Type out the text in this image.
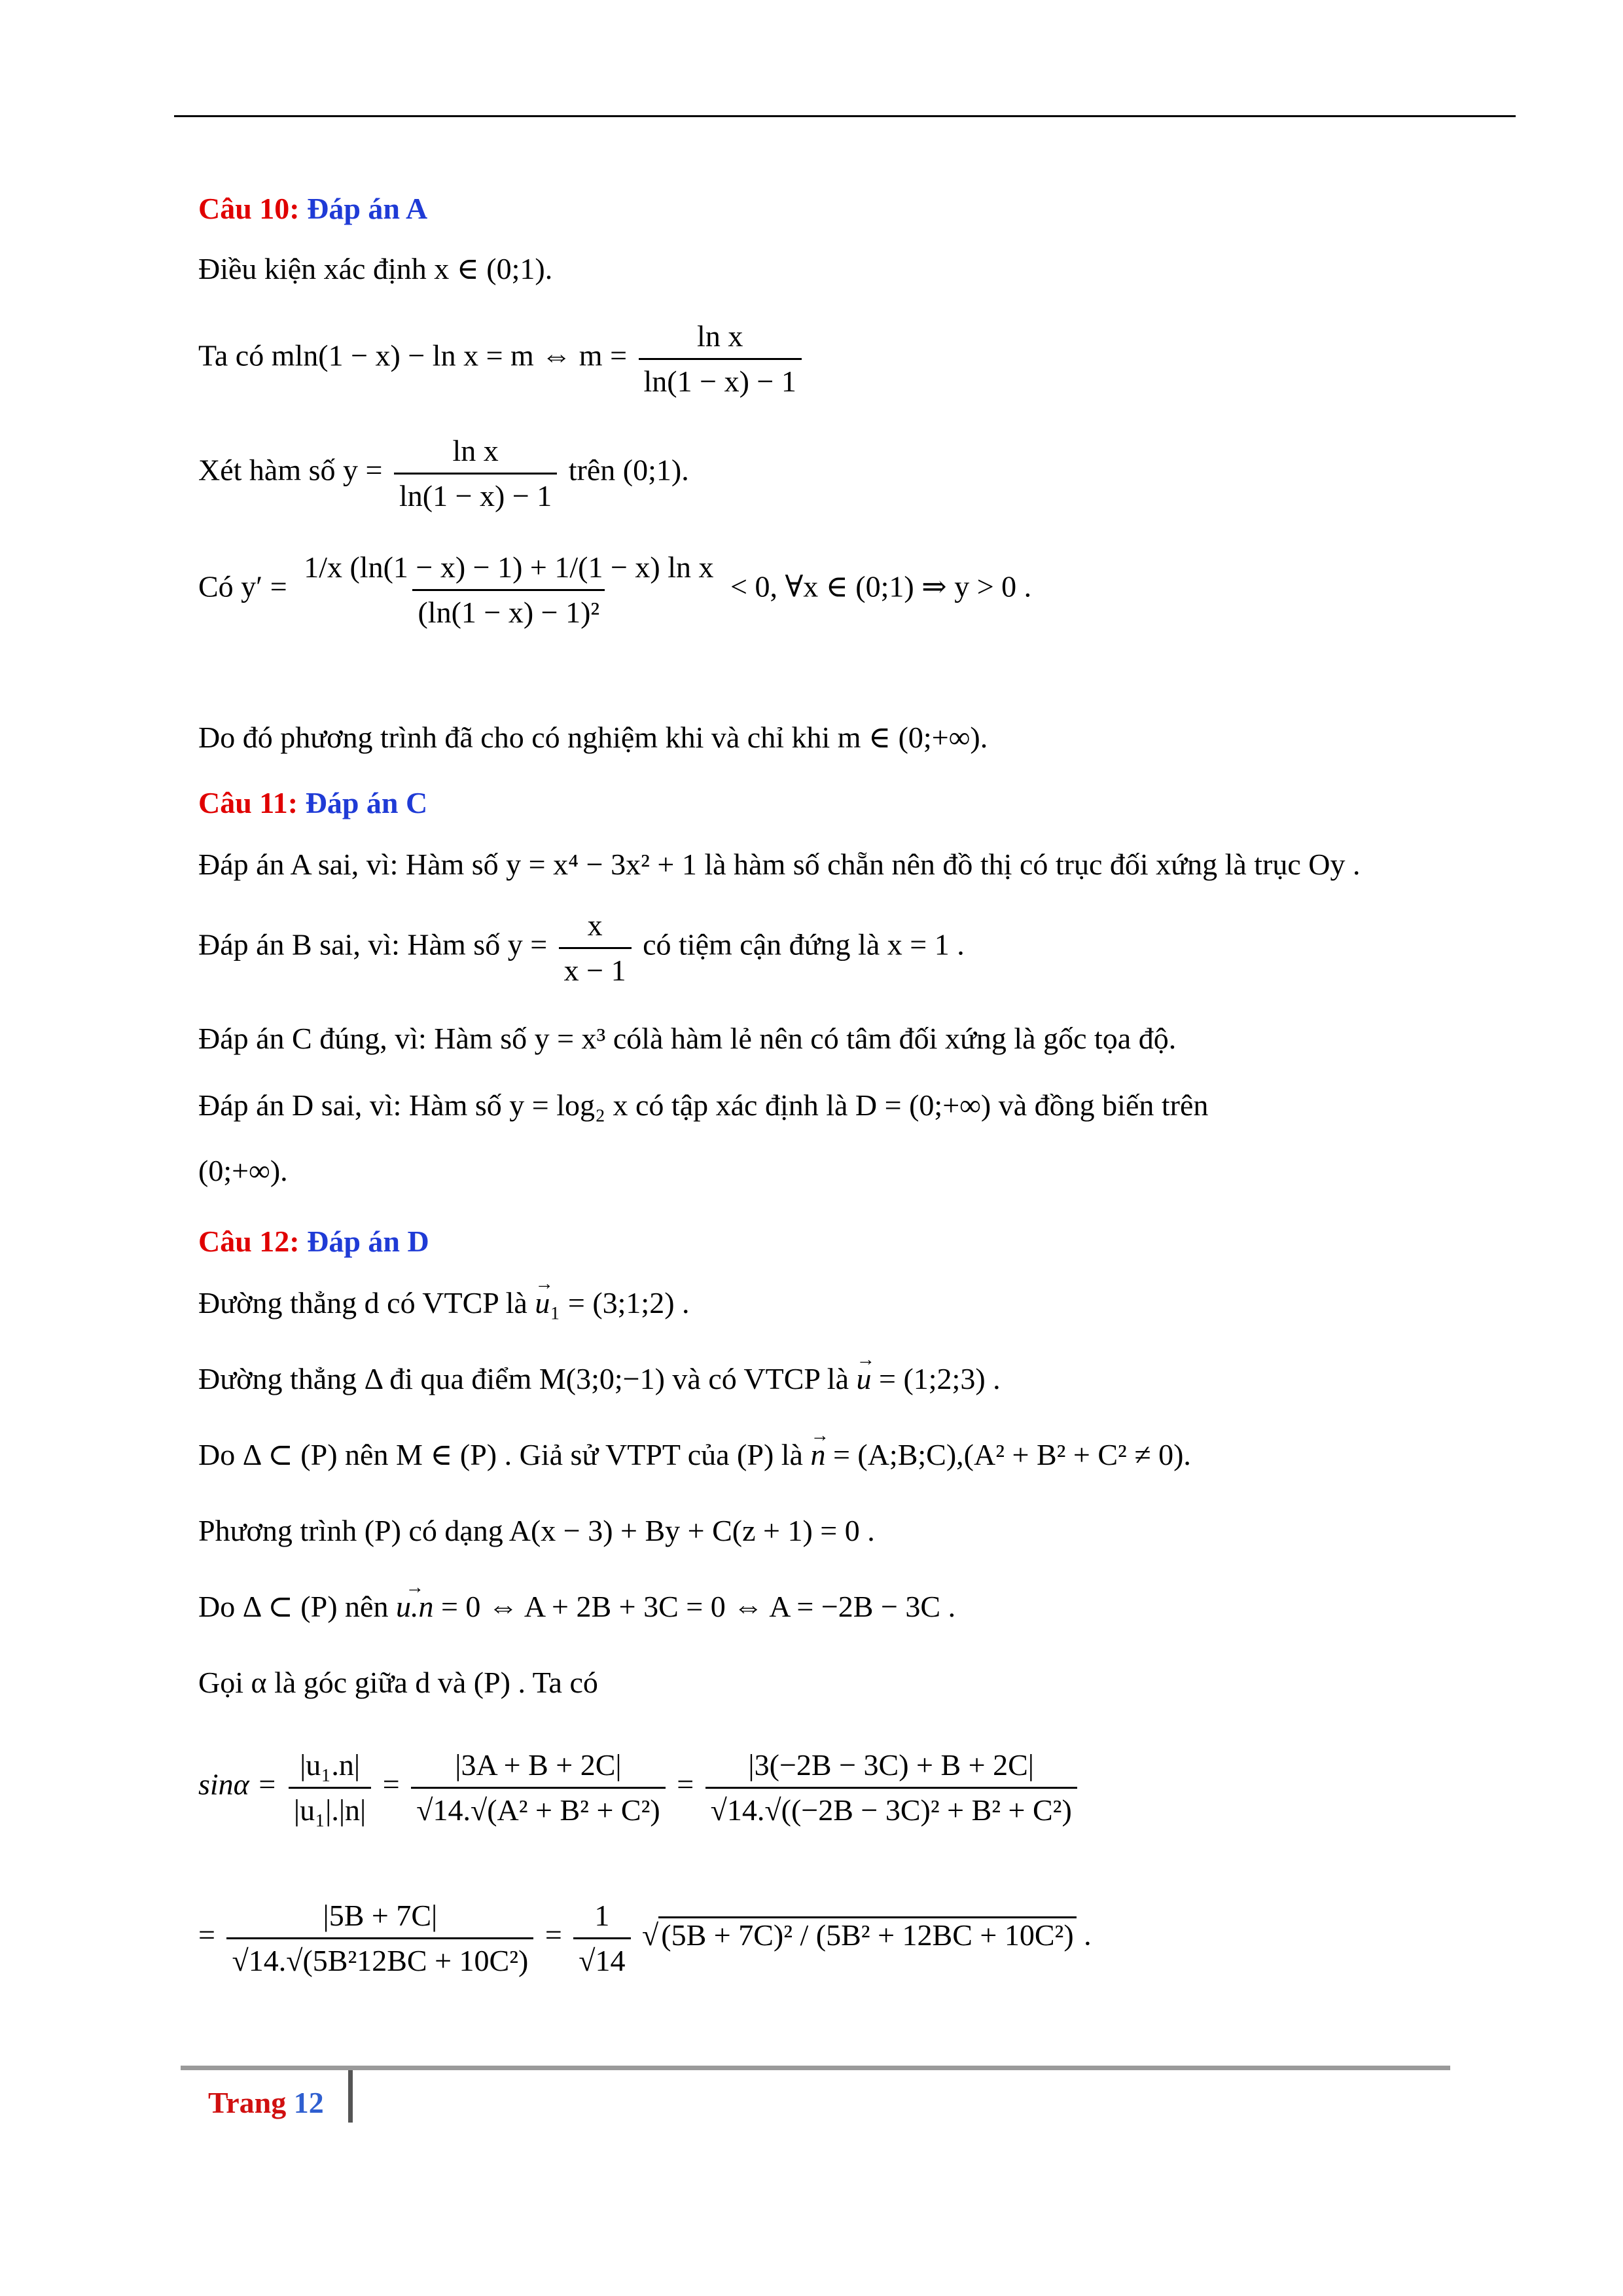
Câu 10: Đáp án A
Điều kiện xác định x ∈ (0;1).
Ta có mln(1 − x) − ln x = m ⇔ $m = \frac{\text{ln x}}{\ln(1 - x) - 1}$
Xét hàm số $y = \frac{\text{ln x}}{\ln(1 - x) - 1}$ trên (0;1).
Có $y' = \frac{\text{1/x (ln(1 − x) − 1) + 1/(1 − x) ln x}}{\text{(ln(1 − x) − 1)²}} < 0$, ∀x ∈ (0;1) ⇒ y > 0 .
Do đó phương trình đã cho có nghiệm khi và chỉ khi m ∈ (0;+∞).
Câu 11: Đáp án C
Đáp án A sai, vì: Hàm số y = x⁴ − 3x² + 1 là hàm số chẵn nên đồ thị có trục đối xứng là trục Oy .
Đáp án B sai, vì: Hàm số $y = \frac{x}{x - 1}$ có tiệm cận đứng là x = 1 .
Đáp án C đúng, vì: Hàm số y = x³ cólà hàm lẻ nên có tâm đối xứng là gốc tọa độ.
Đáp án D sai, vì: Hàm số y = log₂ x có tập xác định là D = (0;+∞) và đồng biến trên
(0;+∞).
Câu 12: Đáp án D
Đường thẳng d có VTCP là → u₁ = (3;1;2) .
Đường thẳng Δ đi qua điểm M(3;0;−1) và có VTCP là → u = (1;2;3) .
Do Δ ⊂ (P) nên M ∈ (P) . Giả sử VTPT của (P) là → n = (A;B;C),(A² + B² + C² ≠ 0).
Phương trình (P) có dạng A(x − 3) + By + C(z + 1) = 0 .
Do Δ ⊂ (P) nên → u.n = 0 ⇔ A + 2B + 3C = 0 ⇔ A = −2B − 3C .
Gọi α là góc giữa d và (P) . Ta có
$\sin\alpha = \frac{\text{|u₁.n|}}{\text{|u₁|.|n|}} = \frac{|3A + B + 2C|}{\text{√14.√(A² + B² + C²)}} = \frac{|3(-2B - 3C) + B + 2C|}{\text{√14.√((−2B − 3C)² + B² + C²)}}$
= $\frac{|5B + 7C|}{\text{√14.√(5B²12BC + 10C²)}} = \frac{1}{√14} √(5B + 7C)^2 / (5B^2 + 12BC + 10C^2)$ .
Trang 12
